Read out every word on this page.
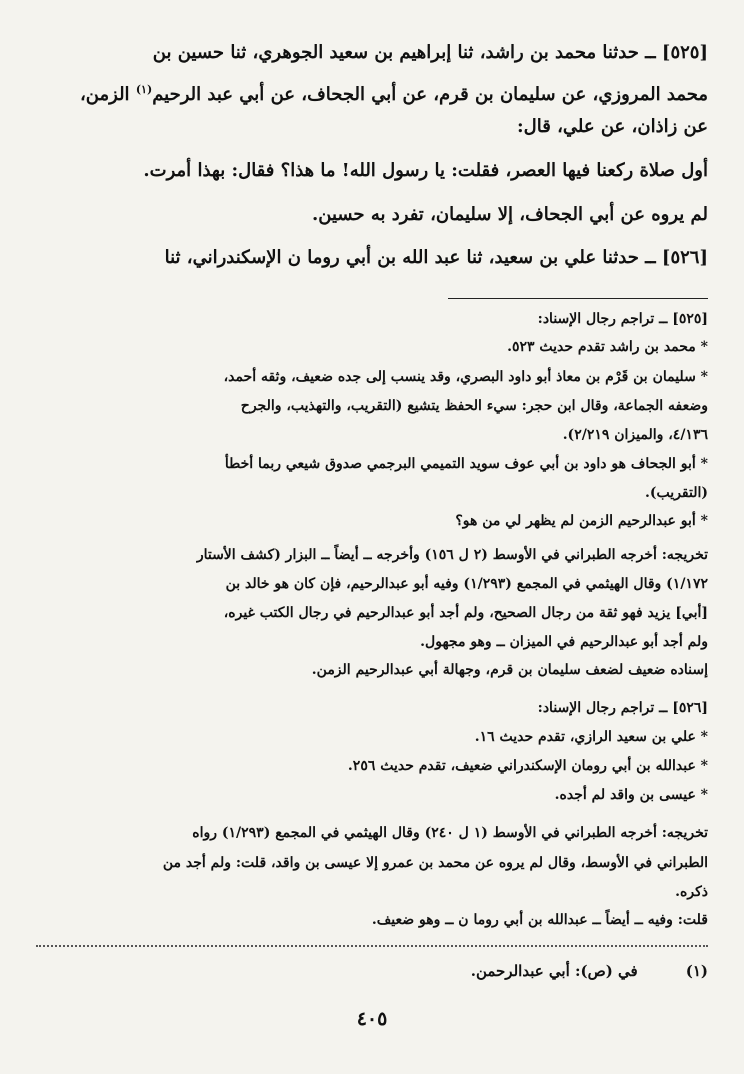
[٥٢٥] ــ حدثنا محمد بن راشد، ثنا إبراهيم بن سعيد الجوهري، ثنا حسين بن
محمد المروزي، عن سليمان بن قرم، عن أبي الجحاف، عن أبي عبد الرحيم$^{(١)}$ الزمن،
عن زاذان، عن علي، قال:
أول صلاة ركعنا فيها العصر، فقلت: يا رسول الله! ما هذا؟ فقال: بهذا أمرت.
لم يروه عن أبي الجحاف، إلا سليمان، تفرد به حسين.
[٥٢٦] ــ حدثنا علي بن سعيد، ثنا عبد الله بن أبي روما ن الإسكندراني، ثنا
[٥٢٥] ــ تراجم رجال الإسناد:
* محمد بن راشد تقدم حديث ٥٢٣.
* سليمان بن قَرْم بن معاذ أبو داود البصري، وقد ينسب إلى جده ضعيف، وثقه أحمد،
وضعفه الجماعة، وقال ابن حجر: سيء الحفظ يتشيع (التقريب، والتهذيب، والجرح
٤/١٣٦، والميزان ٢/٢١٩).
* أبو الجحاف هو داود بن أبي عوف سويد التميمي البرجمي صدوق شيعي ربما أخطأ
(التقريب).
* أبو عبدالرحيم الزمن لم يظهر لي من هو؟
تخريجه: أخرجه الطبراني في الأوسط (٢ ل ١٥٦) وأخرجه ــ أيضاً ــ البزار (كشف الأستار
١/١٧٢) وقال الهيثمي في المجمع (١/٢٩٣) وفيه أبو عبدالرحيم، فإن كان هو خالد بن
[أبي] يزيد فهو ثقة من رجال الصحيح، ولم أجد أبو عبدالرحيم في رجال الكتب غيره،
ولم أجد أبو عبدالرحيم في الميزان ــ وهو مجهول.
إسناده ضعيف لضعف سليمان بن قرم، وجهالة أبي عبدالرحيم الزمن.
[٥٢٦] ــ تراجم رجال الإسناد:
* علي بن سعيد الرازي، تقدم حديث ١٦.
* عبدالله بن أبي رومان الإسكندراني ضعيف، تقدم حديث ٢٥٦.
* عيسى بن واقد لم أجده.
تخريجه: أخرجه الطبراني في الأوسط (١ ل ٢٤٠) وقال الهيثمي في المجمع (١/٢٩٣) رواه
الطبراني في الأوسط، وقال لم يروه عن محمد بن عمرو إلا عيسى بن واقد، قلت: ولم أجد من
ذكره.
قلت: وفيه ــ أيضاً ــ عبدالله بن أبي روما ن ــ وهو ضعيف.
(١)في (ص): أبي عبدالرحمن.
٤٠٥
